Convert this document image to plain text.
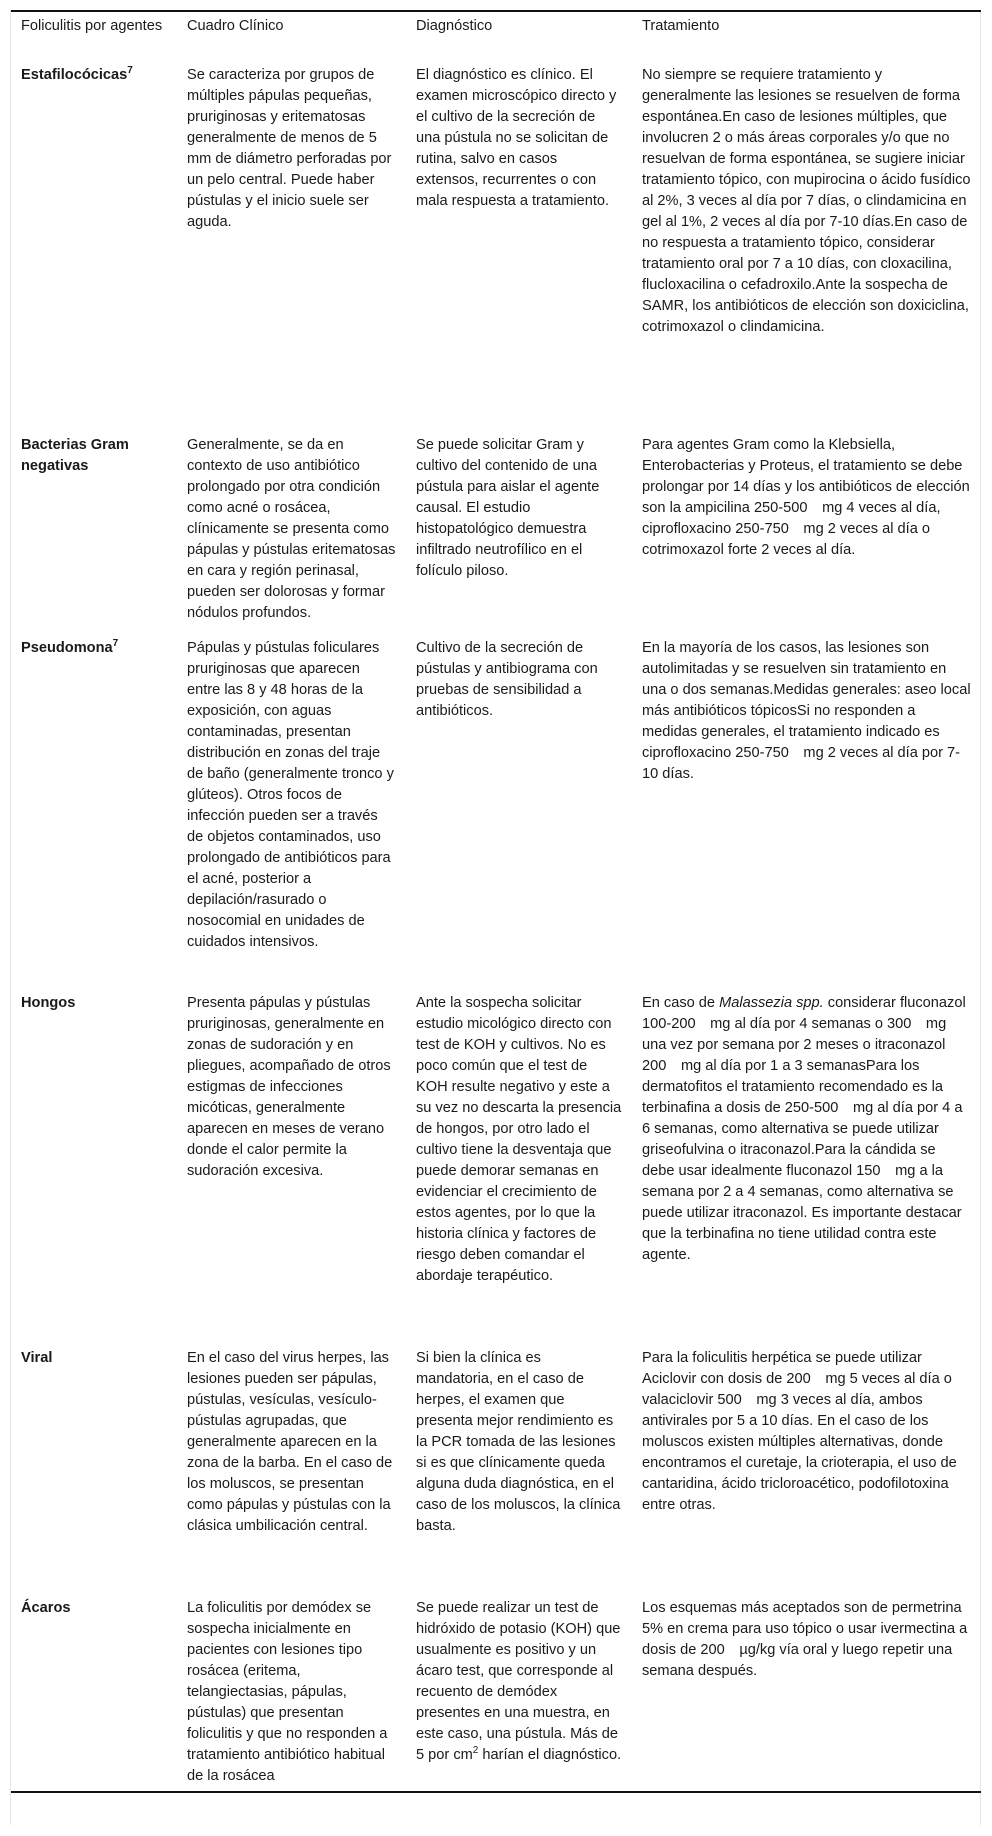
Foliculitis por agentes	Cuadro Clínico	Diagnóstico	Tratamiento
Estafilocócicas$^7$	Se caracteriza por grupos de múltiples pápulas pequeñas, pruriginosas y eritematosas generalmente de menos de 5 mm de diámetro perforadas por un pelo central. Puede haber pústulas y el inicio suele ser aguda.	El diagnóstico es clínico. El examen microscópico directo y el cultivo de la secreción de una pústula no se solicitan de rutina, salvo en casos extensos, recurrentes o con mala respuesta a tratamiento.	No siempre se requiere tratamiento y generalmente las lesiones se resuelven de forma espontánea.En caso de lesiones múltiples, que involucren 2 o más áreas corporales y/o que no resuelvan de forma espontánea, se sugiere iniciar tratamiento tópico, con mupirocina o ácido fusídico al 2%, 3 veces al día por 7 días, o clindamicina en gel al 1%, 2 veces al día por 7-10 días.En caso de no respuesta a tratamiento tópico, considerar tratamiento oral por 7 a 10 días, con cloxacilina, flucloxacilina o cefadroxilo.Ante la sospecha de SAMR, los antibióticos de elección son doxiciclina, cotrimoxazol o clindamicina.
Bacterias Gram negativas	Generalmente, se da en contexto de uso antibiótico prolongado por otra condición como acné o rosácea, clínicamente se presenta como pápulas y pústulas eritematosas en cara y región perinasal, pueden ser dolorosas y formar nódulos profundos.	Se puede solicitar Gram y cultivo del contenido de una pústula para aislar el agente causal. El estudio histopatológico demuestra infiltrado neutrofílico en el folículo piloso.	Para agentes Gram como la Klebsiella, Enterobacterias y Proteus, el tratamiento se debe prolongar por 14 días y los antibióticos de elección son la ampicilina 250-500 mg 4 veces al día, ciprofloxacino 250-750 mg 2 veces al día o cotrimoxazol forte 2 veces al día.
Pseudomona$^7$	Pápulas y pústulas foliculares pruriginosas que aparecen entre las 8 y 48 horas de la exposición, con aguas contaminadas, presentan distribución en zonas del traje de baño (generalmente tronco y glúteos). Otros focos de infección pueden ser a través de objetos contaminados, uso prolongado de antibióticos para el acné, posterior a depilación/rasurado o nosocomial en unidades de cuidados intensivos.	Cultivo de la secreción de pústulas y antibiograma con pruebas de sensibilidad a antibióticos.	En la mayoría de los casos, las lesiones son autolimitadas y se resuelven sin tratamiento en una o dos semanas.Medidas generales: aseo local más antibióticos tópicosSi no responden a medidas generales, el tratamiento indicado es ciprofloxacino 250-750 mg 2 veces al día por 7-10 días.
Hongos	Presenta pápulas y pústulas pruriginosas, generalmente en zonas de sudoración y en pliegues, acompañado de otros estigmas de infecciones micóticas, generalmente aparecen en meses de verano donde el calor permite la sudoración excesiva.	Ante la sospecha solicitar estudio micológico directo con test de KOH y cultivos. No es poco común que el test de KOH resulte negativo y este a su vez no descarta la presencia de hongos, por otro lado el cultivo tiene la desventaja que puede demorar semanas en evidenciar el crecimiento de estos agentes, por lo que la historia clínica y factores de riesgo deben comandar el abordaje terapéutico.	En caso de Malassezia spp. considerar fluconazol 100-200 mg al día por 4 semanas o 300 mg una vez por semana por 2 meses o itraconazol 200 mg al día por 1 a 3 semanasPara los dermatofitos el tratamiento recomendado es la terbinafina a dosis de 250-500 mg al día por 4 a 6 semanas, como alternativa se puede utilizar griseofulvina o itraconazol.Para la cándida se debe usar idealmente fluconazol 150 mg a la semana por 2 a 4 semanas, como alternativa se puede utilizar itraconazol. Es importante destacar que la terbinafina no tiene utilidad contra este agente.
Viral	En el caso del virus herpes, las lesiones pueden ser pápulas, pústulas, vesículas, vesículo-pústulas agrupadas, que generalmente aparecen en la zona de la barba. En el caso de los moluscos, se presentan como pápulas y pústulas con la clásica umbilicación central.	Si bien la clínica es mandatoria, en el caso de herpes, el examen que presenta mejor rendimiento es la PCR tomada de las lesiones si es que clínicamente queda alguna duda diagnóstica, en el caso de los moluscos, la clínica basta.	Para la foliculitis herpética se puede utilizar Aciclovir con dosis de 200 mg 5 veces al día o valaciclovir 500 mg 3 veces al día, ambos antivirales por 5 a 10 días. En el caso de los moluscos existen múltiples alternativas, donde encontramos el curetaje, la crioterapia, el uso de cantaridina, ácido tricloroacético, podofilotoxina entre otras.
Ácaros	La foliculitis por demódex se sospecha inicialmente en pacientes con lesiones tipo rosácea (eritema, telangiectasias, pápulas, pústulas) que presentan foliculitis y que no responden a tratamiento antibiótico habitual de la rosácea	Se puede realizar un test de hidróxido de potasio (KOH) que usualmente es positivo y un ácaro test, que corresponde al recuento de demódex presentes en una muestra, en este caso, una pústula. Más de 5 por $cm^2$ harían el diagnóstico.	Los esquemas más aceptados son de permetrina 5% en crema para uso tópico o usar ivermectina a dosis de 200 µg/kg vía oral y luego repetir una semana después.
